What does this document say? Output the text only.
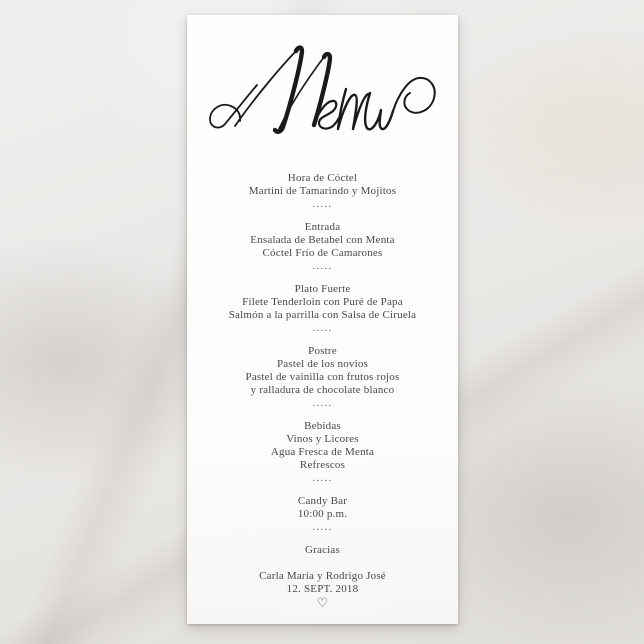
Hora de Cóctel
Martini de Tamarindo y Mojitos
.....
Entrada
Ensalada de Betabel con Menta
Cóctel Frío de Camarones
.....
Plato Fuerte
Filete Tenderloin con Puré de Papa
Salmón a la parrilla con Salsa de Ciruela
.....
Postre
Pastel de los novios
Pastel de vainilla con frutos rojos
y ralladura de chocolate blanco
.....
Bebidas
Vinos y Licores
Agua Fresca de Menta
Refrescos
.....
Candy Bar
10:00 p.m.
.....
Gracias
Carla María y Rodrigo José
12. SEPT. 2018
♡
